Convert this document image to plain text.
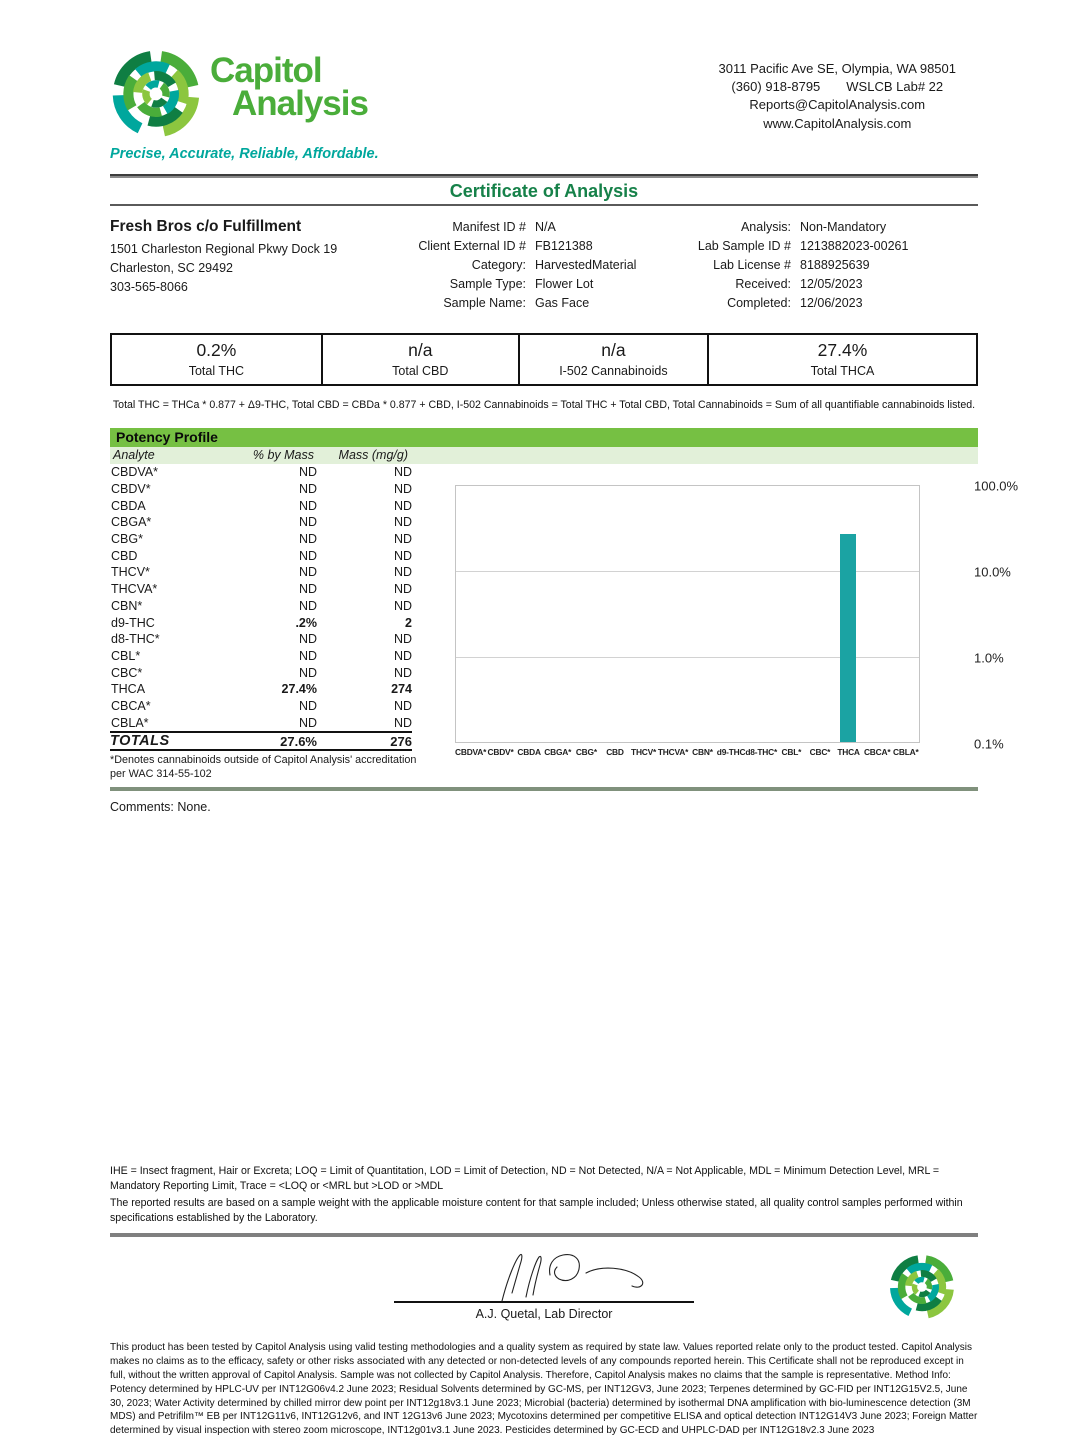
Capitol
Analysis
Precise, Accurate, Reliable, Affordable.
3011 Pacific Ave SE, Olympia, WA 98501
(360) 918-8795 WSLCB Lab# 22
Reports@CapitolAnalysis.com
www.CapitolAnalysis.com
Certificate of Analysis
Fresh Bros c/o Fulfillment
1501 Charleston Regional Pkwy Dock 19
Charleston, SC 29492
303-565-8066
Manifest ID # N/A
Client External ID # FB121388
Category: HarvestedMaterial
Sample Type: Flower Lot
Sample Name: Gas Face
Analysis: Non-Mandatory
Lab Sample ID # 1213882023-00261
Lab License # 8188925639
Received: 12/05/2023
Completed: 12/06/2023
0.2%
Total THC
n/a
Total CBD
n/a
I-502 Cannabinoids
27.4%
Total THCA
Total THC = THCa * 0.877 + Δ9-THC, Total CBD = CBDa * 0.877 + CBD, I-502 Cannabinoids = Total THC + Total CBD, Total Cannabinoids = Sum of all quantifiable cannabinoids listed.
Potency Profile
Analyte	% by Mass	Mass (mg/g)
CBDVA*	ND	ND
CBDV*	ND	ND
CBDA	ND	ND
CBGA*	ND	ND
CBG*	ND	ND
CBD	ND	ND
THCV*	ND	ND
THCVA*	ND	ND
CBN*	ND	ND
d9-THC	.2%	2
d8-THC*	ND	ND
CBL*	ND	ND
CBC*	ND	ND
THCA	27.4%	274
CBCA*	ND	ND
CBLA*	ND	ND
TOTALS	27.6%	276
*Denotes cannabinoids outside of Capitol Analysis' accreditation per WAC 314-55-102
100.0%
10.0%
1.0%
0.1%
CBDVA* CBDV* CBDA CBGA* CBG*	CBD THCV* THCVA* CBN* d9-THC d8-THC* CBL*	CBC* THCA CBCA* CBLA*
Comments: None.

IHE = Insect fragment, Hair or Excreta; LOQ = Limit of Quantitation, LOD = Limit of Detection, ND = Not Detected, N/A = Not Applicable, MDL = Minimum Detection Level, MRL = Mandatory Reporting Limit, Trace = <LOQ or <MRL but >LOD or >MDL

The reported results are based on a sample weight with the applicable moisture content for that sample included; Unless otherwise stated, all quality control samples performed within specifications established by the Laboratory.

A.J. Quetal, Lab Director
This product has been tested by Capitol Analysis using valid testing methodologies and a quality system as required by state law. Values reported relate only to the product tested. Capitol Analysis makes no claims as to the efficacy, safety or other risks associated with any detected or non-detected levels of any compounds reported herein. This Certificate shall not be reproduced except in full, without the written approval of Capitol Analysis. Sample was not collected by Capitol Analysis. Therefore, Capitol Analysis makes no claims that the sample is representative. Method Info: Potency determined by HPLC-UV per INT12G06v4.2 June 2023; Residual Solvents determined by GC-MS, per INT12GV3, June 2023; Terpenes determined by GC-FID per INT12G15V2.5, June 30, 2023; Water Activity determined by chilled mirror dew point per INT12g18v3.1 June 2023; Microbial (bacteria) determined by isothermal DNA amplification with bio-luminescence detection (3M MDS) and Petrifilm™ EB per INT12G11v6, INT12G12v6, and INT 12G13v6 June 2023; Mycotoxins determined per competitive ELISA and optical detection INT12G14V3 June 2023; Foreign Matter determined by visual inspection with stereo zoom microscope, INT12g01v3.1 June 2023. Pesticides determined by GC-ECD and UHPLC-DAD per INT12G18v2.3 June 2023
